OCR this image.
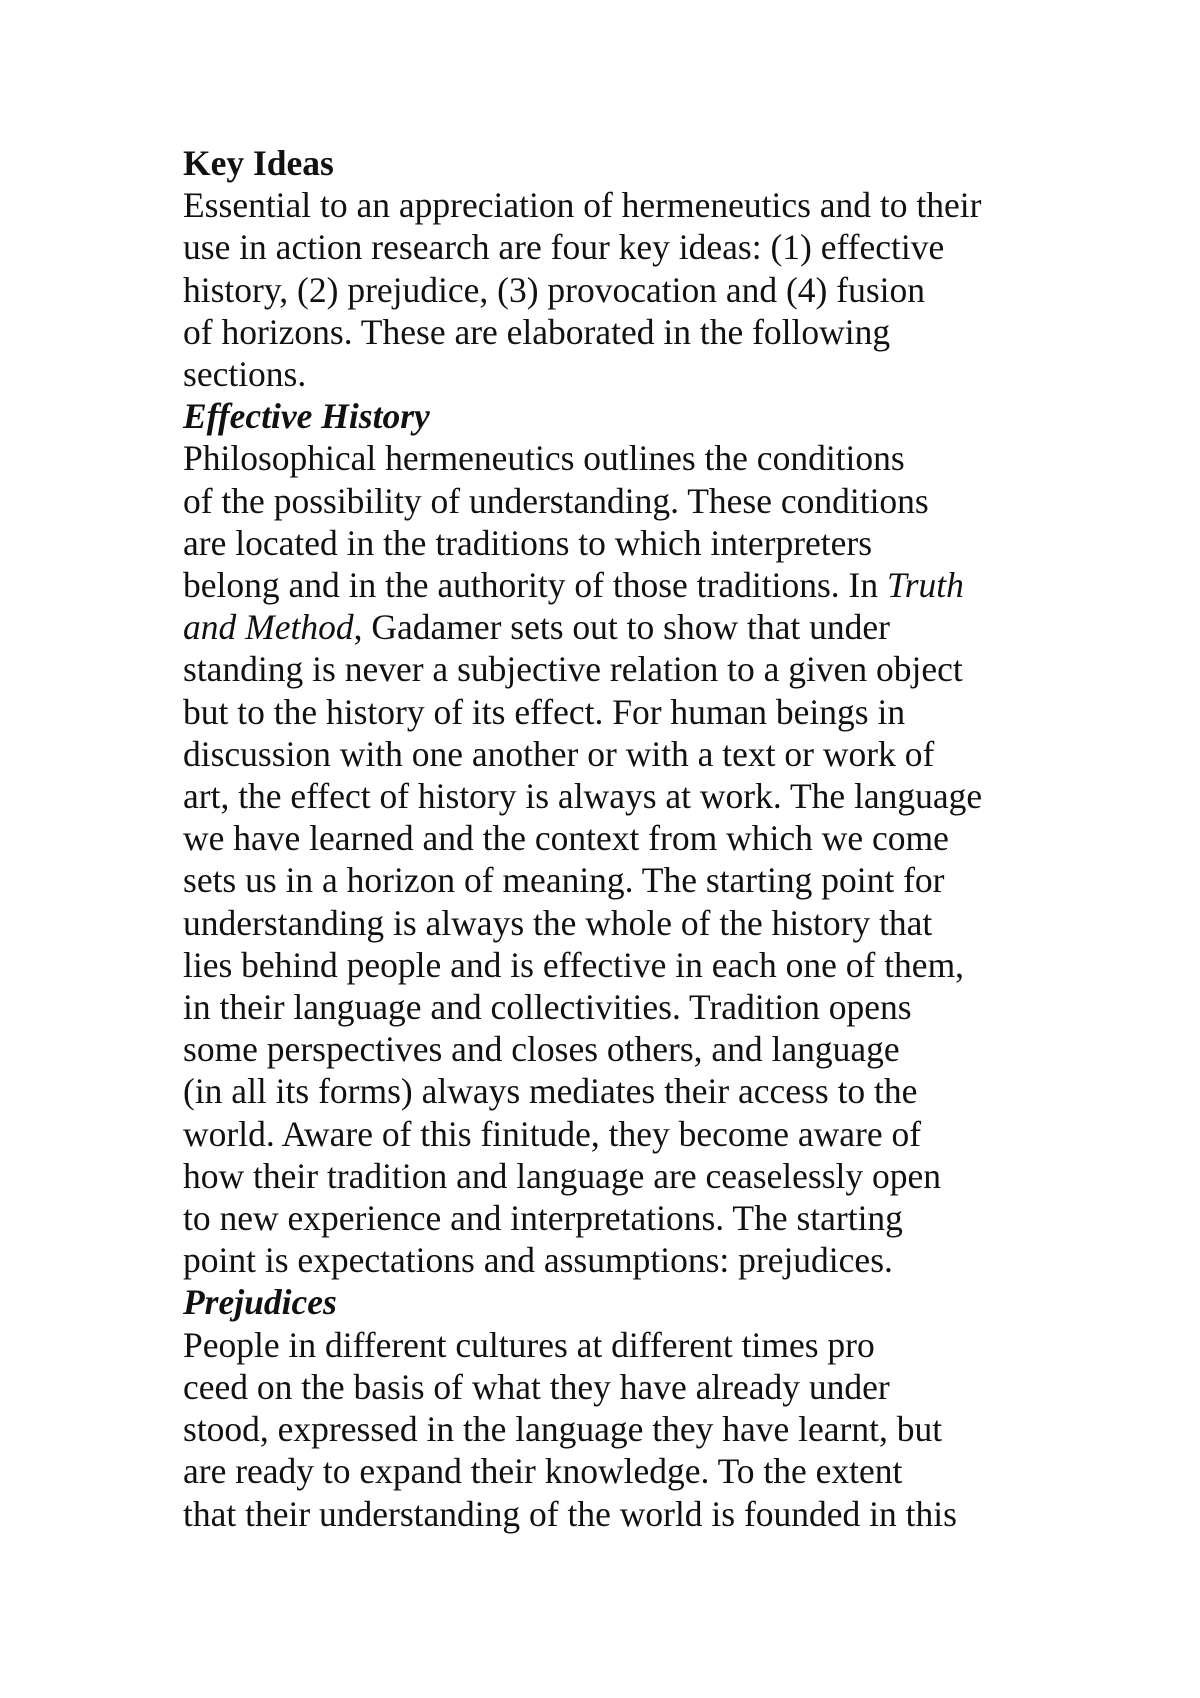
Key Ideas
Essential to an appreciation of hermeneutics and to their
use in action research are four key ideas: (1) effective
history, (2) prejudice, (3) provocation and (4) fusion
of horizons. These are elaborated in the following
sections.
Effective History
Philosophical hermeneutics outlines the conditions
of the possibility of understanding. These conditions
are located in the traditions to which interpreters
belong and in the authority of those traditions. In Truth
and Method, Gadamer sets out to show that under
standing is never a subjective relation to a given object
but to the history of its effect. For human beings in
discussion with one another or with a text or work of
art, the effect of history is always at work. The language
we have learned and the context from which we come
sets us in a horizon of meaning. The starting point for
understanding is always the whole of the history that
lies behind people and is effective in each one of them,
in their language and collectivities. Tradition opens
some perspectives and closes others, and language
(in all its forms) always mediates their access to the
world. Aware of this finitude, they become aware of
how their tradition and language are ceaselessly open
to new experience and interpretations. The starting
point is expectations and assumptions: prejudices.
Prejudices
People in different cultures at different times pro
ceed on the basis of what they have already under
stood, expressed in the language they have learnt, but
are ready to expand their knowledge. To the extent
that their understanding of the world is founded in this
